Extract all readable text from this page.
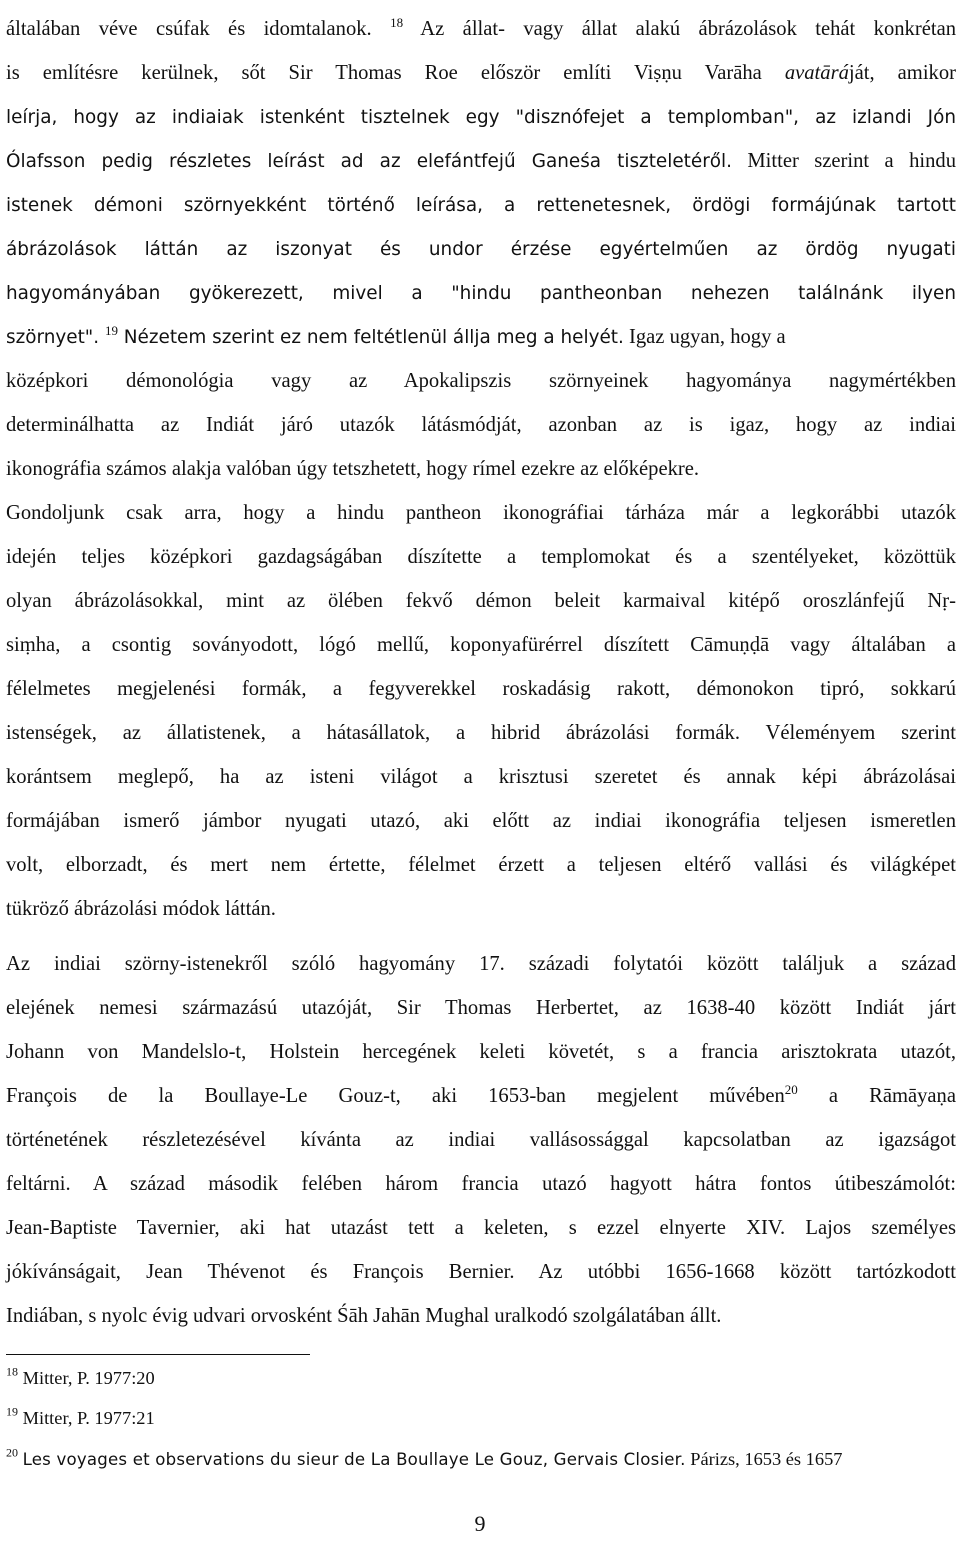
általában véve csúfak és idomtalanok. $^{18}$ Az állat- vagy állat alakú ábrázolások tehát konkrétan

is említésre kerülnek, sőt Sir Thomas Roe először említi Viṣṇu Varāha avatāráját, amikor

leírja, hogy az indiaiak istenként tisztelnek egy "disznófejet a templomban", az izlandi Jón

Ólafsson pedig részletes leírást ad az elefántfejű Ganeśa tiszteletéről. Mitter szerint a hindu

istenek démoni szörnyekként történő leírása, a rettenetesnek, ördögi formájúnak tartott

ábrázolások láttán az iszonyat és undor érzése egyértelműen az ördög nyugati

hagyományában gyökerezett, mivel a "hindu pantheonban nehezen találnánk ilyen

szörnyet". $^{19}$ Nézetem szerint ez nem feltétlenül állja meg a helyét. Igaz ugyan, hogy a

középkori démonológia vagy az Apokalipszis szörnyeinek hagyománya nagymértékben

determinálhatta az Indiát járó utazók látásmódját, azonban az is igaz, hogy az indiai

ikonográfia számos alakja valóban úgy tetszhetett, hogy rímel ezekre az előképekre.

Gondoljunk csak arra, hogy a hindu pantheon ikonográfiai tárháza már a legkorábbi utazók

idején teljes középkori gazdagságában díszítette a templomokat és a szentélyeket, közöttük

olyan ábrázolásokkal, mint az ölében fekvő démon beleit karmaival kitépő oroszlánfejű Nṛ-

siṃha, a csontig soványodott, lógó mellű, koponyafürérrel díszített Cāmuṇḍā vagy általában a

félelmetes megjelenési formák, a fegyverekkel roskadásig rakott, démonokon tipró, sokkarú

istenségek, az állatistenek, a hátasállatok, a hibrid ábrázolási formák. Véleményem szerint

korántsem meglepő, ha az isteni világot a krisztusi szeretet és annak képi ábrázolásai

formájában ismerő jámbor nyugati utazó, aki előtt az indiai ikonográfia teljesen ismeretlen

volt, elborzadt, és mert nem értette, félelmet érzett a teljesen eltérő vallási és világképet

tükröző ábrázolási módok láttán.

Az indiai szörny-istenekről szóló hagyomány 17. századi folytatói között találjuk a század

elejének nemesi származású utazóját, Sir Thomas Herbertet, az 1638-40 között Indiát járt

Johann von Mandelslo-t, Holstein hercegének keleti követét, s a francia arisztokrata utazót,

François de la Boullaye-Le Gouz-t, aki 1653-ban megjelent művében$^{20}$ a Rāmāyaṇa

történetének részletezésével kívánta az indiai vallásossággal kapcsolatban az igazságot

feltárni. A század második felében három francia utazó hagyott hátra fontos útibeszámolót:

Jean-Baptiste Tavernier, aki hat utazást tett a keleten, s ezzel elnyerte XIV. Lajos személyes

jókívánságait, Jean Thévenot és François Bernier. Az utóbbi 1656-1668 között tartózkodott

Indiában, s nyolc évig udvari orvosként Śāh Jahān Mughal uralkodó szolgálatában állt.

$^{18}$ Mitter, P. 1977:20
$^{19}$ Mitter, P. 1977:21
$^{20}$ Les voyages et observations du sieur de La Boullaye Le Gouz, Gervais Closier. Párizs, 1653 és 1657
9
